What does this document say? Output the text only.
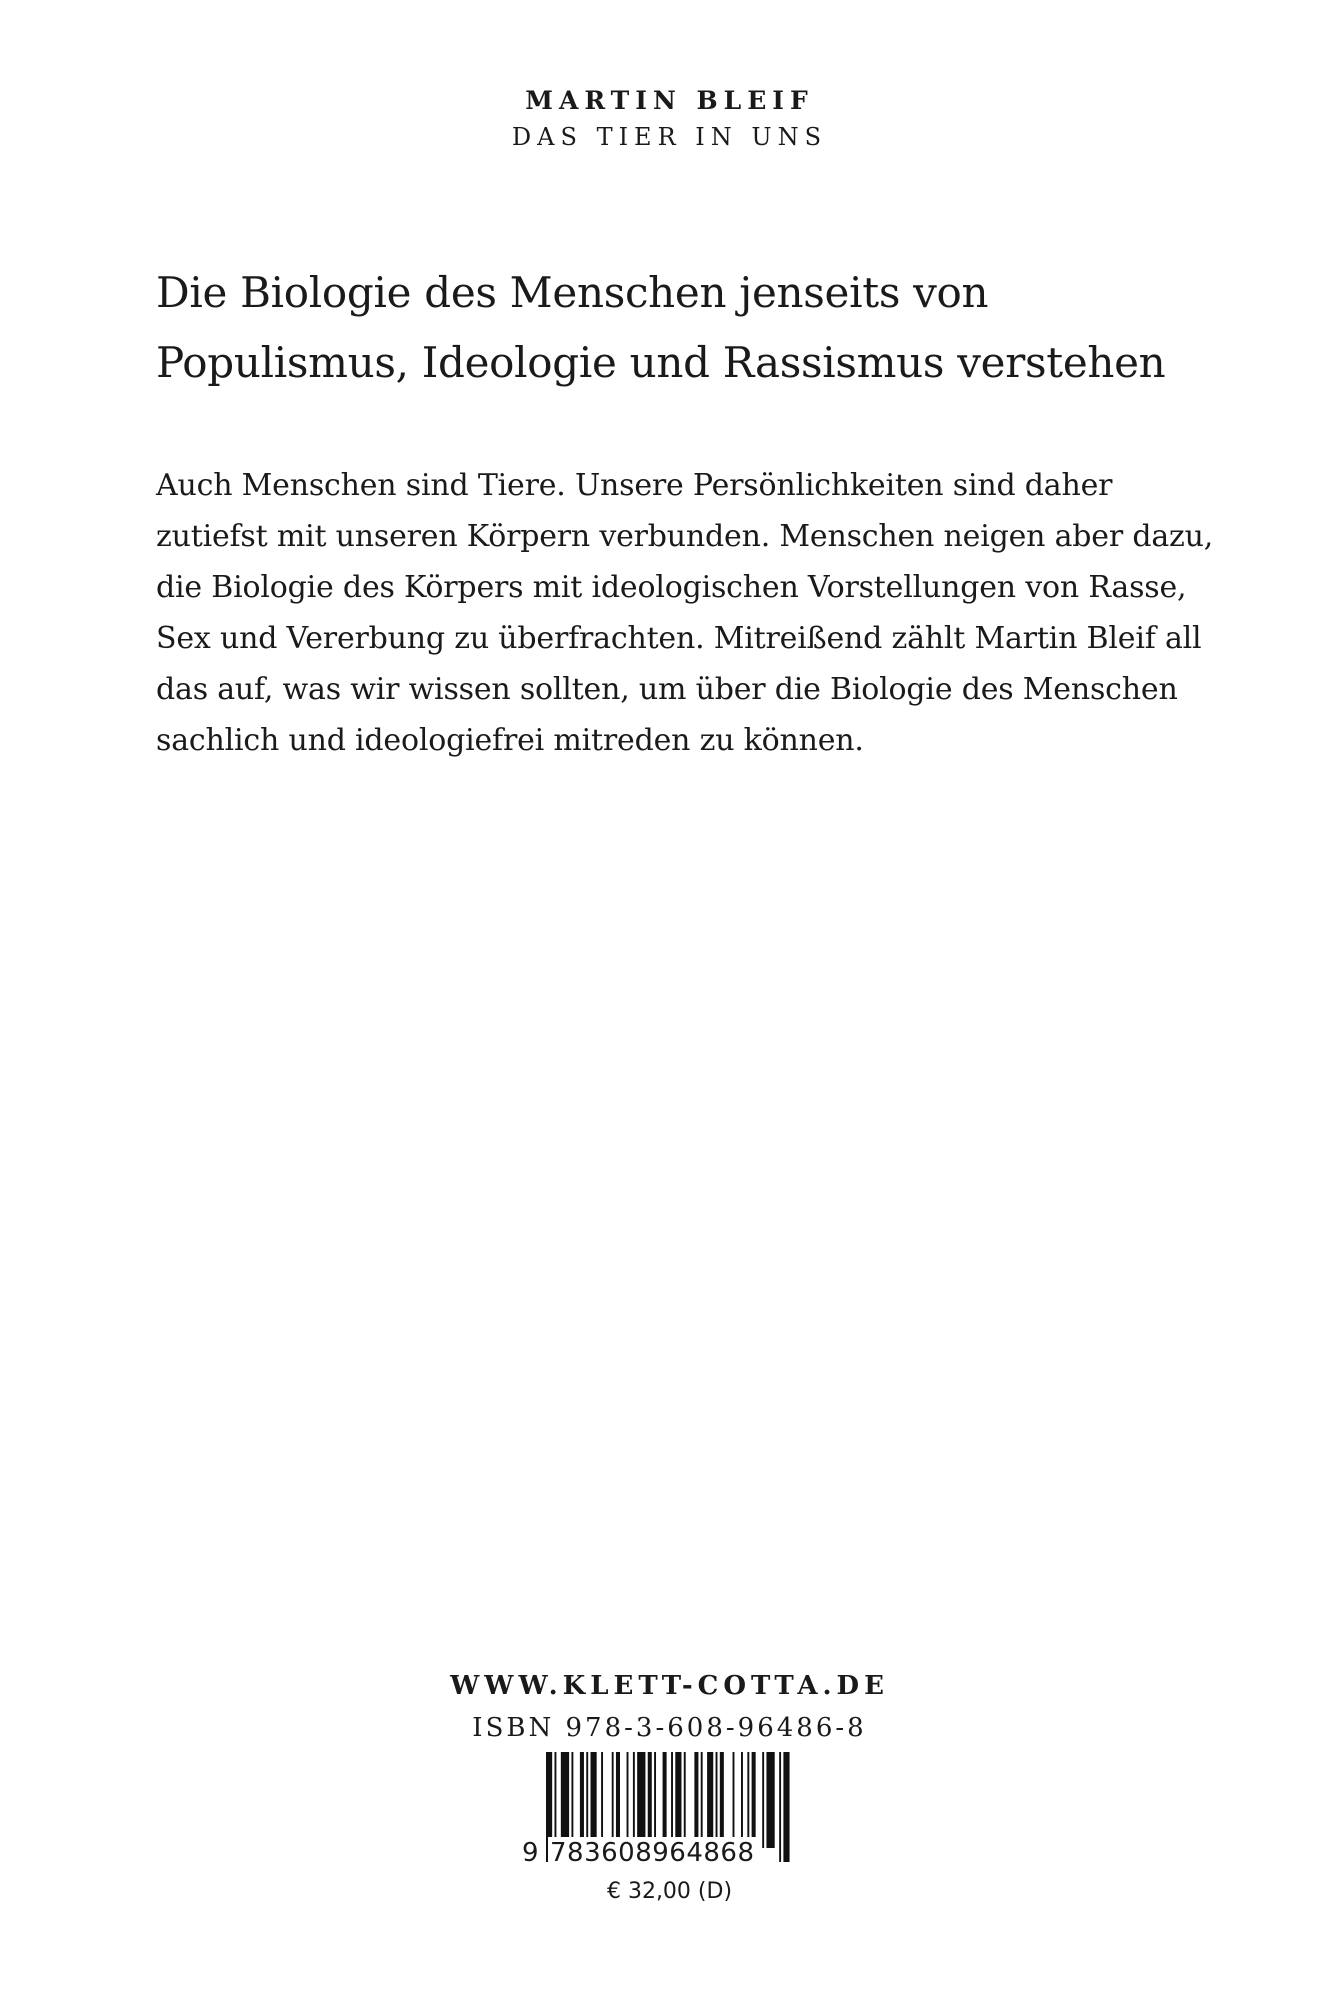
MARTIN BLEIF
DAS TIER IN UNS
Die Biologie des Menschen jenseits von Populismus, Ideologie und Rassismus verstehen
Auch Menschen sind Tiere. Unsere Persönlichkeiten sind daher zutiefst mit unseren Körpern verbunden. Menschen neigen aber dazu, die Biologie des Körpers mit ideologischen Vorstellungen von Rasse, Sex und Vererbung zu überfrachten. Mitreißend zählt Martin Bleif all das auf, was wir wissen sollten, um über die Biologie des Menschen sachlich und ideologiefrei mitreden zu können.
WWW.KLETT-COTTA.DE
ISBN 978-3-608-96486-8
9 783608964868
€ 32,00 (D)
